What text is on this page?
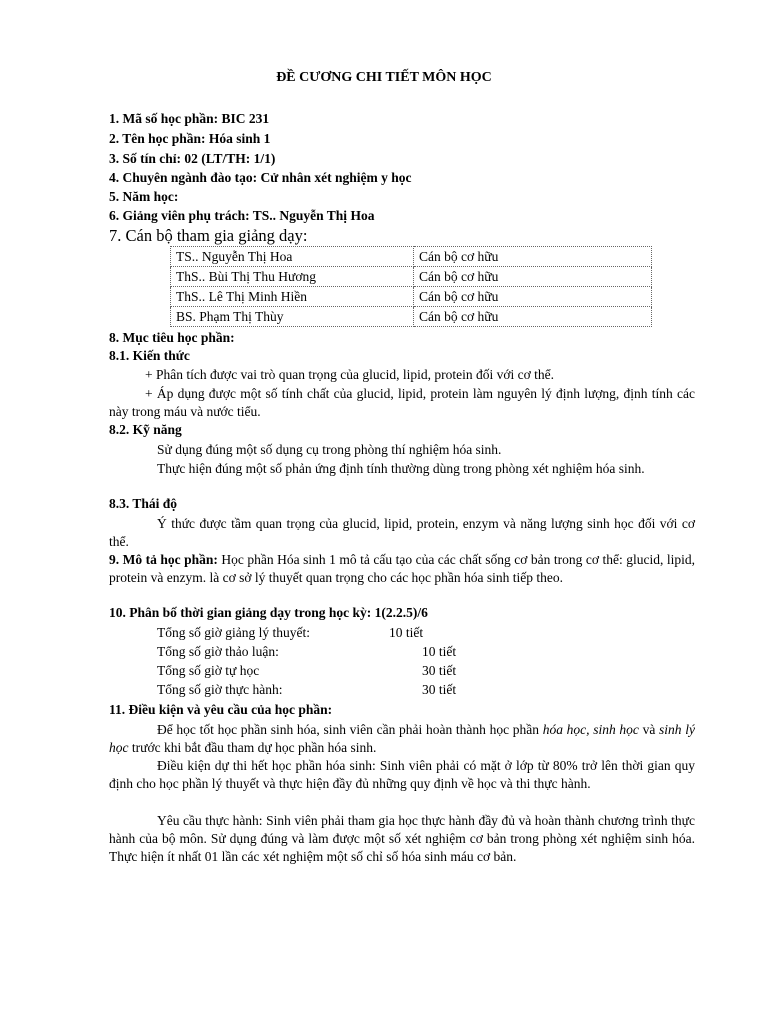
ĐỀ CƯƠNG CHI TIẾT MÔN HỌC
1. Mã số học phần: BIC 231
2. Tên học phần: Hóa sinh 1
3. Số tín chỉ: 02 (LT/TH: 1/1)
4. Chuyên ngành đào tạo: Cử nhân xét nghiệm y học
5. Năm học:
6. Giảng viên phụ trách: TS.. Nguyễn Thị Hoa
7. Cán bộ tham gia giảng dạy:
TS.. Nguyễn Thị Hoa	Cán bộ cơ hữu
ThS.. Bùi Thị Thu Hương	Cán bộ cơ hữu
ThS.. Lê Thị Minh Hiền	Cán bộ cơ hữu
BS. Phạm Thị Thùy	Cán bộ cơ hữu
8. Mục tiêu học phần:
8.1. Kiến thức
+ Phân tích được vai trò quan trọng của glucid, lipid, protein đối với cơ thể.
+ Áp dụng được một số tính chất của glucid, lipid, protein làm nguyên lý định lượng, định tính các này trong máu và nước tiểu.
8.2. Kỹ năng
Sử dụng đúng một số dụng cụ trong phòng thí nghiệm hóa sinh.
Thực hiện đúng một số phản ứng định tính thường dùng trong phòng xét nghiệm hóa sinh.
8.3. Thái độ
Ý thức được tầm quan trọng của glucid, lipid, protein, enzym và năng lượng sinh học đối với cơ thể.
9. Mô tả học phần: Học phần Hóa sinh 1 mô tả cấu tạo của các chất sống cơ bản trong cơ thể: glucid, lipid, protein và enzym. là cơ sở lý thuyết quan trọng cho các học phần hóa sinh tiếp theo.
10. Phân bố thời gian giảng dạy trong học kỳ: 1(2.2.5)/6
Tổng số giờ giảng lý thuyết:	10 tiết
Tổng số giờ thảo luận:	10 tiết
Tổng số giờ tự học	30 tiết
Tổng số giờ thực hành:	30 tiết
11. Điều kiện và yêu cầu của học phần:
Để học tốt học phần sinh hóa, sinh viên cần phải hoàn thành học phần hóa học, sinh học và sinh lý học trước khi bắt đầu tham dự học phần hóa sinh.
Điều kiện dự thi hết học phần hóa sinh: Sinh viên phải có mặt ở lớp từ 80% trở lên thời gian quy định cho học phần lý thuyết và thực hiện đầy đủ những quy định về học và thi thực hành.
Yêu cầu thực hành: Sinh viên phải tham gia học thực hành đầy đủ và hoàn thành chương trình thực hành của bộ môn. Sử dụng đúng và làm được một số xét nghiệm cơ bản trong phòng xét nghiệm sinh hóa. Thực hiện ít nhất 01 lần các xét nghiệm một số chỉ số hóa sinh máu cơ bản.
